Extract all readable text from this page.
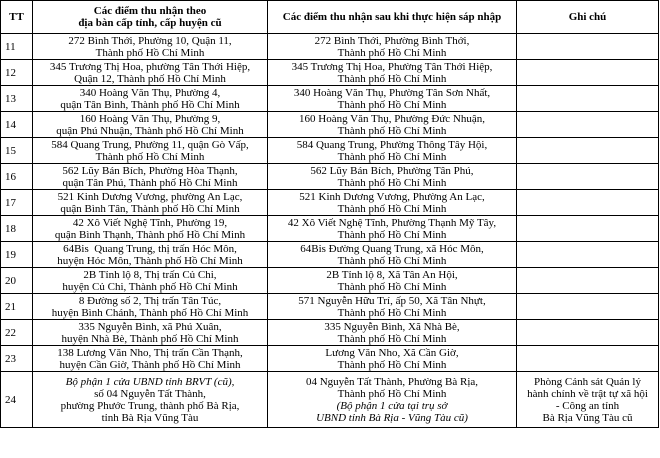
TT	Các điểm thu nhận theo
địa bàn cấp tỉnh, cấp huyện cũ	Các điểm thu nhận sau khi thực hiện sáp nhập	Ghi chú
11	272 Bình Thới, Phường 10, Quận 11,
Thành phố Hồ Chí Minh	272 Bình Thới, Phường Bình Thới,
Thành phố Hồ Chí Minh	

12	345 Trương Thị Hoa, phường Tân Thới Hiệp,
Quận 12, Thành phố Hồ Chí Minh	345 Trương Thị Hoa, Phường Tân Thới Hiệp,
Thành phố Hồ Chí Minh	

13	340 Hoàng Văn Thụ, Phường 4,
quận Tân Bình, Thành phố Hồ Chí Minh	340 Hoàng Văn Thụ, Phường Tân Sơn Nhất,
Thành phố Hồ Chí Minh	

14	160 Hoàng Văn Thụ, Phường 9,
quận Phú Nhuận, Thành phố Hồ Chí Minh	160 Hoàng Văn Thụ, Phường Đức Nhuận,
Thành phố Hồ Chí Minh	

15	584 Quang Trung, Phường 11, quận Gò Vấp,
Thành phố Hồ Chí Minh	584 Quang Trung, Phường Thông Tây Hội,
Thành phố Hồ Chí Minh	

16	562 Lũy Bán Bích, Phường Hòa Thạnh,
quận Tân Phú, Thành phố Hồ Chí Minh	562 Lũy Bán Bích, Phường Tân Phú,
Thành phố Hồ Chí Minh	

17	521 Kinh Dương Vương, phường An Lạc,
quận Bình Tân, Thành phố Hồ Chí Minh	521 Kinh Dương Vương, Phường An Lạc,
Thành phố Hồ Chí Minh	

18	42 Xô Viết Nghệ Tĩnh, Phường 19,
quận Bình Thạnh, Thành phố Hồ Chí Minh	42 Xô Viết Nghệ Tĩnh, Phường Thạnh Mỹ Tây,
Thành phố Hồ Chí Minh	

19	64Bis  Quang Trung, thị trấn Hóc Môn,
huyện Hóc Môn, Thành phố Hồ Chí Minh	64Bis Đường Quang Trung, xã Hóc Môn,
Thành phố Hồ Chí Minh	

20	2B Tỉnh lộ 8, Thị trấn Củ Chi,
huyện Củ Chi, Thành phố Hồ Chí Minh	2B Tỉnh lộ 8, Xã Tân An Hội,
Thành phố Hồ Chí Minh	

21	8 Đường số 2, Thị trấn Tân Túc,
huyện Bình Chánh, Thành phố Hồ Chí Minh	571 Nguyễn Hữu Trí, ấp 50, Xã Tân Nhựt,
Thành phố Hồ Chí Minh	

22	335 Nguyễn Bình, xã Phú Xuân,
huyện Nhà Bè, Thành phố Hồ Chí Minh	335 Nguyễn Bình, Xã Nhà Bè,
Thành phố Hồ Chí Minh	

23	138 Lương Văn Nho, Thị trấn Cần Thạnh,
huyện Cần Giờ, Thành phố Hồ Chí Minh	Lương Văn Nho, Xã Cần Giờ,
Thành phố Hồ Chí Minh	

24	Bộ phận 1 cửa UBND tỉnh BRVT (cũ),
số 04 Nguyễn Tất Thành,
phường Phước Trung, thành phố Bà Rịa,
tỉnh Bà Rịa Vũng Tàu	04 Nguyễn Tất Thành, Phường Bà Rịa,
Thành phố Hồ Chí Minh
(Bộ phận 1 cửa tại trụ sở
UBND tỉnh Bà Rịa - Vũng Tàu cũ)	Phòng Cảnh sát Quản lý
hành chính về trật tự xã hội
- Công an tỉnh
Bà Rịa Vũng Tàu cũ
